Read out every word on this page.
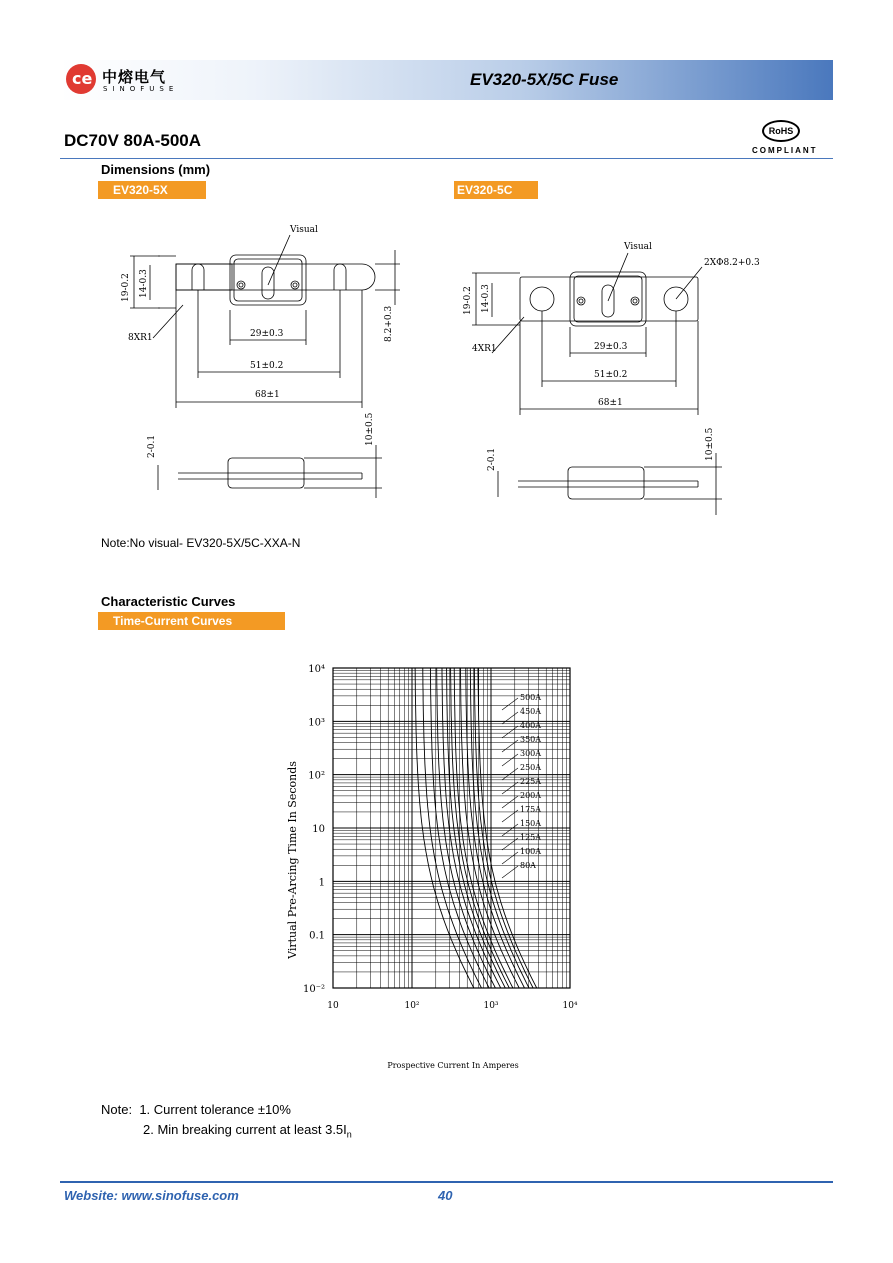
ce 中熔电气
SINOFUSE	EV320-5X/5C Fuse
DC70V 80A-500A	RoHS
COMPLIANT
Dimensions (mm)
EV320-5X	EV320-5C
Visual
19-0.2 14-0.3
8XR1	29±0.3
51±0.2
68±1
8.2+0.3
2-0.1
10±0.5
Visual
2XΦ8.2+0.3
19-0.2 14-0.3
4XR1	29±0.3
51±0.2
68±1
2-0.1	10±0.5
Note:No visual- EV320-5X/5C-XXA-N
Characteristic Curves
Time-Current Curves
10	10²	10³	10⁴
10⁴
10³
10²
10
1
0.1
10⁻²
500A
450A
400A
350A
300A
250A
225A
200A
175A
150A
125A
100A
80A
Virtual Pre-Arcing Time In Seconds
Prospective Current In Amperes
Note: 1. Current tolerance ±10%
2. Min breaking current at least $3.5I_n$
Website: www.sinofuse.com	40
